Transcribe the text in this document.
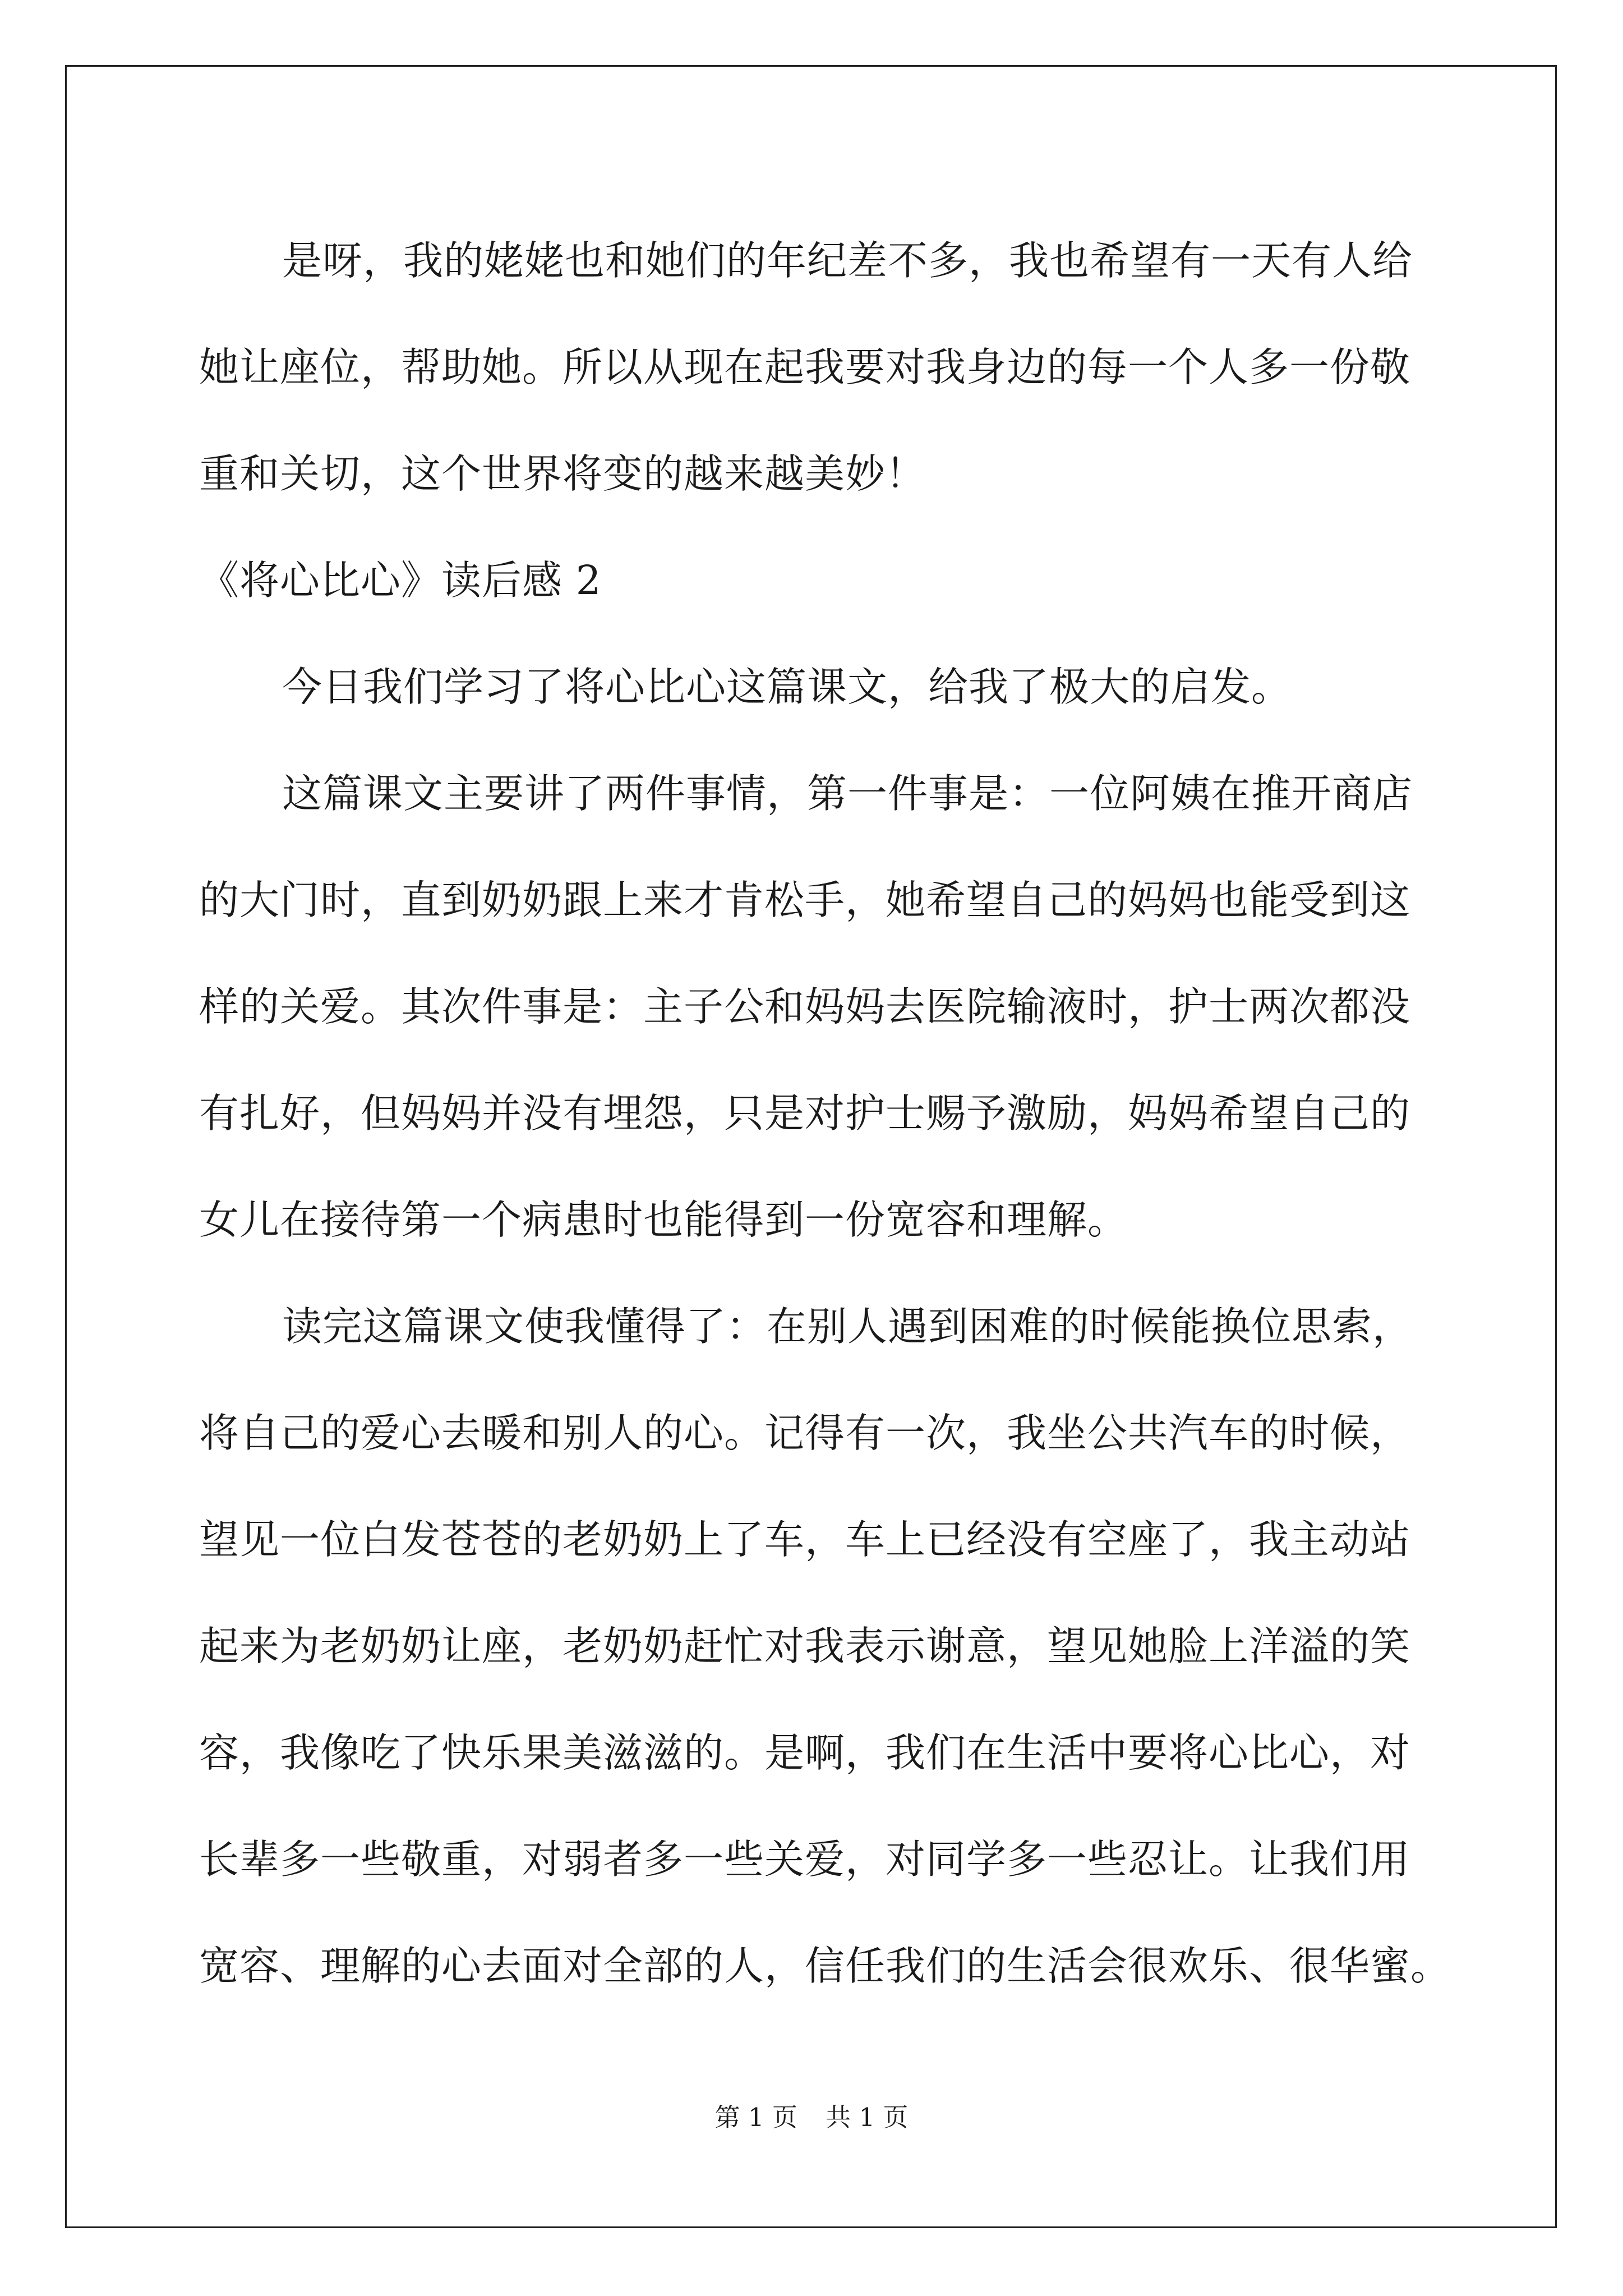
是呀，我的姥姥也和她们的年纪差不多，我也希望有一天有人给
她让座位，帮助她。所以从现在起我要对我身边的每一个人多一份敬
重和关切，这个世界将变的越来越美妙！
《将心比心》读后感 2
今日我们学习了将心比心这篇课文，给我了极大的启发。
这篇课文主要讲了两件事情，第一件事是：一位阿姨在推开商店
的大门时，直到奶奶跟上来才肯松手，她希望自己的妈妈也能受到这
样的关爱。其次件事是：主子公和妈妈去医院输液时，护士两次都没
有扎好，但妈妈并没有埋怨，只是对护士赐予激励，妈妈希望自己的
女儿在接待第一个病患时也能得到一份宽容和理解。
读完这篇课文使我懂得了：在别人遇到困难的时候能换位思索，
将自己的爱心去暖和别人的心。记得有一次，我坐公共汽车的时候，
望见一位白发苍苍的老奶奶上了车，车上已经没有空座了，我主动站
起来为老奶奶让座，老奶奶赶忙对我表示谢意，望见她脸上洋溢的笑
容，我像吃了快乐果美滋滋的。是啊，我们在生活中要将心比心，对
长辈多一些敬重，对弱者多一些关爱，对同学多一些忍让。让我们用
宽容、理解的心去面对全部的人，信任我们的生活会很欢乐、很华蜜。
第 1 页 共 1 页
